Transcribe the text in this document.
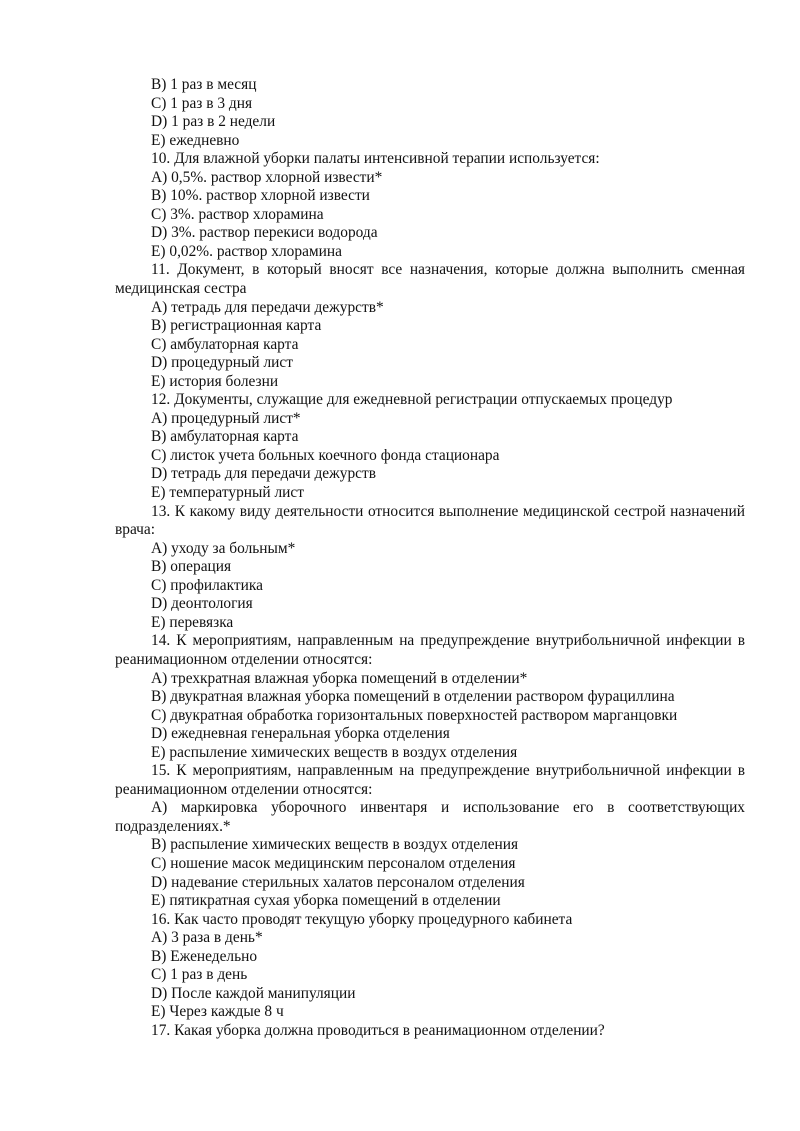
B) 1 раз в месяц

C) 1 раз в 3 дня

D) 1 раз в 2 недели

E) ежедневно

10. Для влажной уборки палаты интенсивной терапии используется:

A) 0,5%. раствор хлорной извести*

B) 10%. раствор хлорной извести

C) 3%. раствор хлорамина

D) 3%. раствор перекиси водорода

E) 0,02%. раствор хлорамина

11. Документ, в который вносят все назначения, которые должна выполнить сменная медицинская сестра

A) тетрадь для передачи дежурств*

B) регистрационная карта

C) амбулаторная карта

D) процедурный лист

E) история болезни

12. Документы, служащие для ежедневной регистрации отпускаемых процедур

A) процедурный лист*

B) амбулаторная карта

C) листок учета больных коечного фонда стационара

D) тетрадь для передачи дежурств

E) температурный лист

13. К какому виду деятельности относится выполнение медицинской сестрой назначений врача:

A) уходу за больным*

B) операция

C) профилактика

D) деонтология

E) перевязка

14. К мероприятиям, направленным на предупреждение внутрибольничной инфекции в реанимационном отделении относятся:

A) трехкратная влажная уборка помещений в отделении*

B) двукратная влажная уборка помещений в отделении раствором фурациллина

C) двукратная обработка горизонтальных поверхностей раствором марганцовки

D) ежедневная генеральная уборка отделения

E) распыление химических веществ в воздух отделения

15. К мероприятиям, направленным на предупреждение внутрибольничной инфекции в реанимационном отделении относятся:

A) маркировка уборочного инвентаря и использование его в соответствующих подразделениях.*

B) распыление химических веществ в воздух отделения

C) ношение масок медицинским персоналом отделения

D) надевание стерильных халатов персоналом отделения

E) пятикратная сухая уборка помещений в отделении

16. Как часто проводят текущую уборку процедурного кабинета

A) 3 раза в день*

B) Еженедельно

C) 1 раз в день

D) После каждой манипуляции

E) Через каждые 8 ч

17. Какая уборка должна проводиться в реанимационном отделении?
